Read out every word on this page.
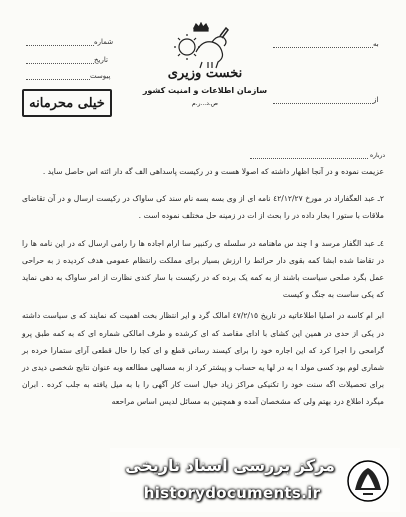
شماره
تاریخ
پیوست
خیلی محرمانه
نخست وزیری
سازمان اطلاعات و امنیت کشور
ص.د...ر.م
به
از
درباره

عزیمت نموده و در آنجا اظهار داشته که اصولا هست و در رکیست پاسداهی الف گه دار ائته اس حاصل ساید .

٢ـ عبد العگفاراد در مورخ ٤٢/١٢/٢٧ نامه ای از وی بسه بسه نام سند کی ساواک در رکیست ارسال و در آن تقاضای ملاقات با ستور ا بخار داده در را بحث از ات در زمینه حل مختلف نموده است .

٤ـ عبد الگفار مرسد و ا چند س ماهنامه در سلسله ی رکنبیر سا ارام اجاده ها را رامی ارسال که در این نامه ها را در تقاضا شده ابشا کمه بقوی دار حرائط را ارزش بسیار برای مملکت رانتظام عمومی هدف کردیده ز به حراحی عمل بگرد صلحی سیاست باشند از به کمه یک برده که در رکیست با سار کندی نظارت از امر ساواک به دهی نماید که یکی ساست به جنگ و کیست

ابر ام کاسه در اصلیا اطلاعاتیه در تاریخ ٤٧/٢/١٥ امالک گرد و ایر انتظار بخت اهمیت که نمایند که ی سیاست داشته در یکی از حدی در همین این کشای با ادای مقاصد که ای کرشده و طرف امالکی شماره ای که به کمه طبق پرو گرامحی را اجرا کرد که این اجاره خود را برای کیسند رسانی قطع و ای کجا را حال قطعی آرای ستمارا خرده بر شماری لوم بود کسی مولد ا به در لها یه حساب و پیشتر کرد از به مسالهی مطالعه وبه عنوان نتایج شخصی دیدی در برای تحصیلات اگه سنت خود را تکنیکی مراکز زیاد خیال است کار آگهی را با به میل یافته به جلب کرده . ابران میگرد اطلاع درد بهتم ولی که مشخصان آمده و همچنین به مسائل لدیس اساس مراحعه

مرکز بررسی اسناد تاریخی
historydocuments.ir
